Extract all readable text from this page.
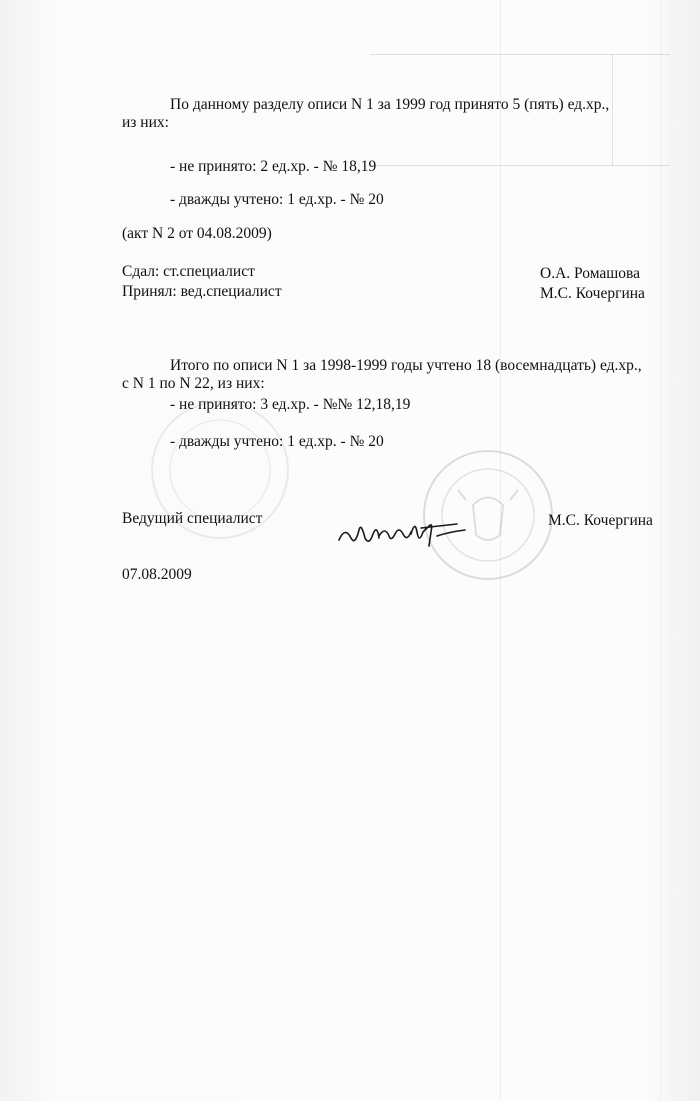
По данному разделу описи N 1 за 1999 год принято 5 (пять) ед.хр.,
из них:
- не принято: 2 ед.хр. - № 18,19
- дважды учтено: 1 ед.хр. - № 20
(акт N 2 от 04.08.2009)
Сдал: ст.специалист	О.А. Ромашова
Принял: вед.специалист	М.С. Кочергина
Итого по описи N 1 за 1998-1999 годы учтено 18 (восемнадцать) ед.хр.,
с N 1 по N 22, из них:
- не принято: 3 ед.хр. - №№ 12,18,19
- дважды учтено: 1 ед.хр. - № 20
Ведущий специалист	М.С. Кочергина
07.08.2009
